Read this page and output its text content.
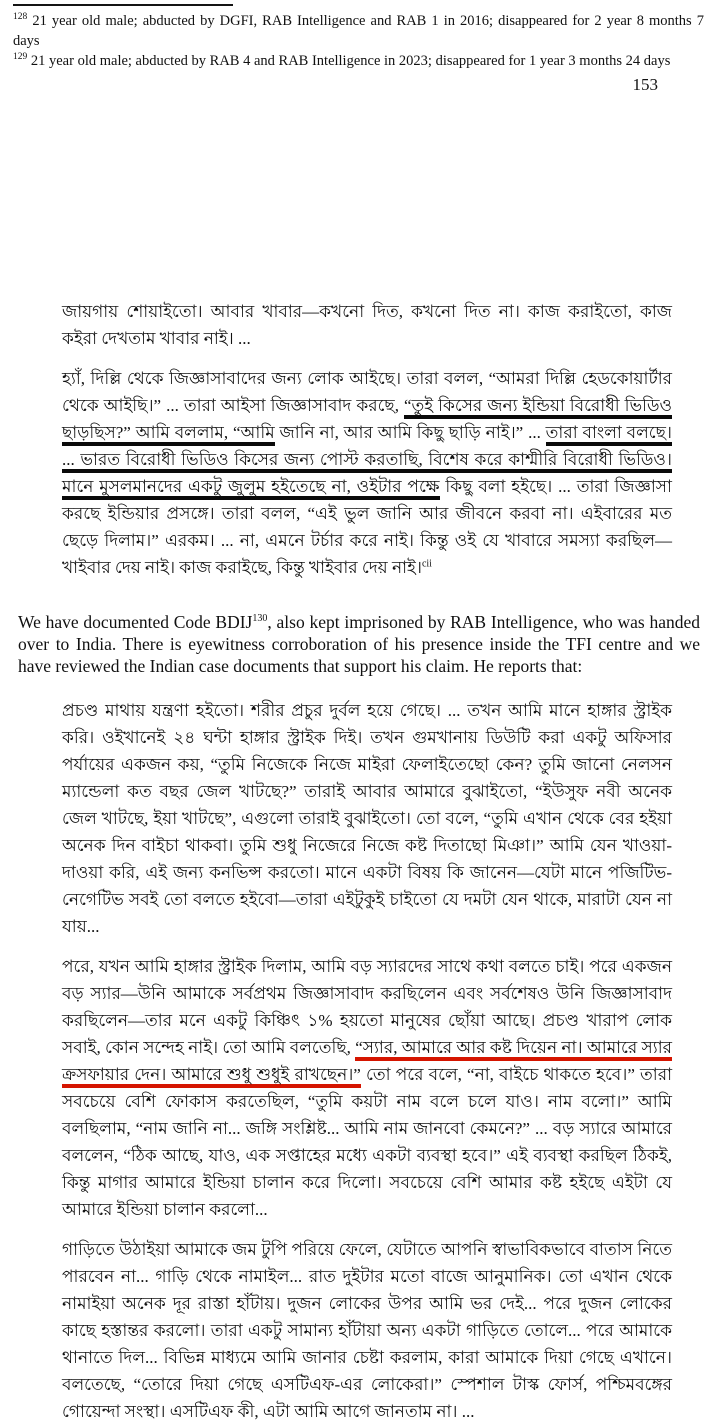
$^{128}$ 21 year old male; abducted by DGFI, RAB Intelligence and RAB 1 in 2016; disappeared for 2 year 8 months 7 days
$^{129}$ 21 year old male; abducted by RAB 4 and RAB Intelligence in 2023; disappeared for 1 year 3 months 24 days
153

জায়গায় শোয়াইতো। আবার খাবার—কখনো দিত, কখনো দিত না। কাজ করাইতো, কাজ কইরা দেখতাম খাবার নাই। ...

হ্যাঁ, দিল্লি থেকে জিজ্ঞাসাবাদের জন্য লোক আইছে। তারা বলল, “আমরা দিল্লি হেডকোয়ার্টার থেকে আইছি।” ... তারা আইসা জিজ্ঞাসাবাদ করছে, “তুই কিসের জন্য ইন্ডিয়া বিরোধী ভিডিও ছাড়ছিস?” আমি বললাম, “আমি জানি না, আর আমি কিছু ছাড়ি নাই।” ... তারা বাংলা বলছে। ... ভারত বিরোধী ভিডিও কিসের জন্য পোস্ট করতাছি, বিশেষ করে কাশ্মীরি বিরোধী ভিডিও। মানে মুসলমানদের একটু জুলুম হইতেছে না, ওইটার পক্ষে কিছু বলা হইছে। ... তারা জিজ্ঞাসা করছে ইন্ডিয়ার প্রসঙ্গে। তারা বলল, “এই ভুল জানি আর জীবনে করবা না। এইবারের মত ছেড়ে দিলাম।” এরকম। ... না, এমনে টর্চার করে নাই। কিন্তু ওই যে খাবারে সমস্যা করছিল—খাইবার দেয় নাই। কাজ করাইছে, কিন্তু খাইবার দেয় নাই।$^{cii}$

We have documented Code BDIJ$^{130}$, also kept imprisoned by RAB Intelligence, who was handed over to India. There is eyewitness corroboration of his presence inside the TFI centre and we have reviewed the Indian case documents that support his claim. He reports that:

প্রচণ্ড মাথায় যন্ত্রণা হইতো। শরীর প্রচুর দুর্বল হয়ে গেছে। ... তখন আমি মানে হাঙ্গার স্ট্রাইক করি। ওইখানেই ২৪ ঘন্টা হাঙ্গার স্ট্রাইক দিই। তখন গুমখানায় ডিউটি করা একটু অফিসার পর্যায়ের একজন কয়, “তুমি নিজেকে নিজে মাইরা ফেলাইতেছো কেন? তুমি জানো নেলসন ম্যান্ডেলা কত বছর জেল খাটছে?” তারাই আবার আমারে বুঝাইতো, “ইউসুফ নবী অনেক জেল খাটছে, ইয়া খাটছে”, এগুলো তারাই বুঝাইতো। তো বলে, “তুমি এখান থেকে বের হইয়া অনেক দিন বাইচা থাকবা। তুমি শুধু নিজেরে নিজে কষ্ট দিতাছো মিঞা।” আমি যেন খাওয়া-দাওয়া করি, এই জন্য কনভিন্স করতো। মানে একটা বিষয় কি জানেন—যেটা মানে পজিটিভ-নেগেটিভ সবই তো বলতে হইবো—তারা এইটুকুই চাইতো যে দমটা যেন থাকে, মারাটা যেন না যায়...

পরে, যখন আমি হাঙ্গার স্ট্রাইক দিলাম, আমি বড় স্যারদের সাথে কথা বলতে চাই। পরে একজন বড় স্যার—উনি আমাকে সর্বপ্রথম জিজ্ঞাসাবাদ করছিলেন এবং সর্বশেষও উনি জিজ্ঞাসাবাদ করছিলেন—তার মনে একটু কিঞ্চিৎ ১% হয়তো মানুষের ছোঁয়া আছে। প্রচণ্ড খারাপ লোক সবাই, কোন সন্দেহ নাই। তো আমি বলতেছি, “স্যার, আমারে আর কষ্ট দিয়েন না। আমারে স্যার ক্রসফায়ার দেন। আমারে শুধু শুধুই রাখছেন।” তো পরে বলে, “না, বাইচে থাকতে হবে।” তারা সবচেয়ে বেশি ফোকাস করতেছিল, “তুমি কয়টা নাম বলে চলে যাও। নাম বলো।” আমি বলছিলাম, “নাম জানি না... জঙ্গি সংশ্লিষ্ট... আমি নাম জানবো কেমনে?” ... বড় স্যারে আমারে বললেন, “ঠিক আছে, যাও, এক সপ্তাহের মধ্যে একটা ব্যবস্থা হবে।” এই ব্যবস্থা করছিল ঠিকই, কিন্তু মাগার আমারে ইন্ডিয়া চালান করে দিলো। সবচেয়ে বেশি আমার কষ্ট হইছে এইটা যে আমারে ইন্ডিয়া চালান করলো...

গাড়িতে উঠাইয়া আমাকে জম টুপি পরিয়ে ফেলে, যেটাতে আপনি স্বাভাবিকভাবে বাতাস নিতে পারবেন না... গাড়ি থেকে নামাইল... রাত দুইটার মতো বাজে আনুমানিক। তো এখান থেকে নামাইয়া অনেক দূর রাস্তা হাঁটায়। দুজন লোকের উপর আমি ভর দেই... পরে দুজন লোকের কাছে হস্তান্তর করলো। তারা একটু সামান্য হাঁটায়া অন্য একটা গাড়িতে তোলে... পরে আমাকে থানাতে দিল... বিভিন্ন মাধ্যমে আমি জানার চেষ্টা করলাম, কারা আমাকে দিয়া গেছে এখানে। বলতেছে, “তোরে দিয়া গেছে এসটিএফ-এর লোকেরা।” স্পেশাল টাস্ক ফোর্স, পশ্চিমবঙ্গের গোয়েন্দা সংস্থা। এসটিএফ কী, এটা আমি আগে জানতাম না। ...
